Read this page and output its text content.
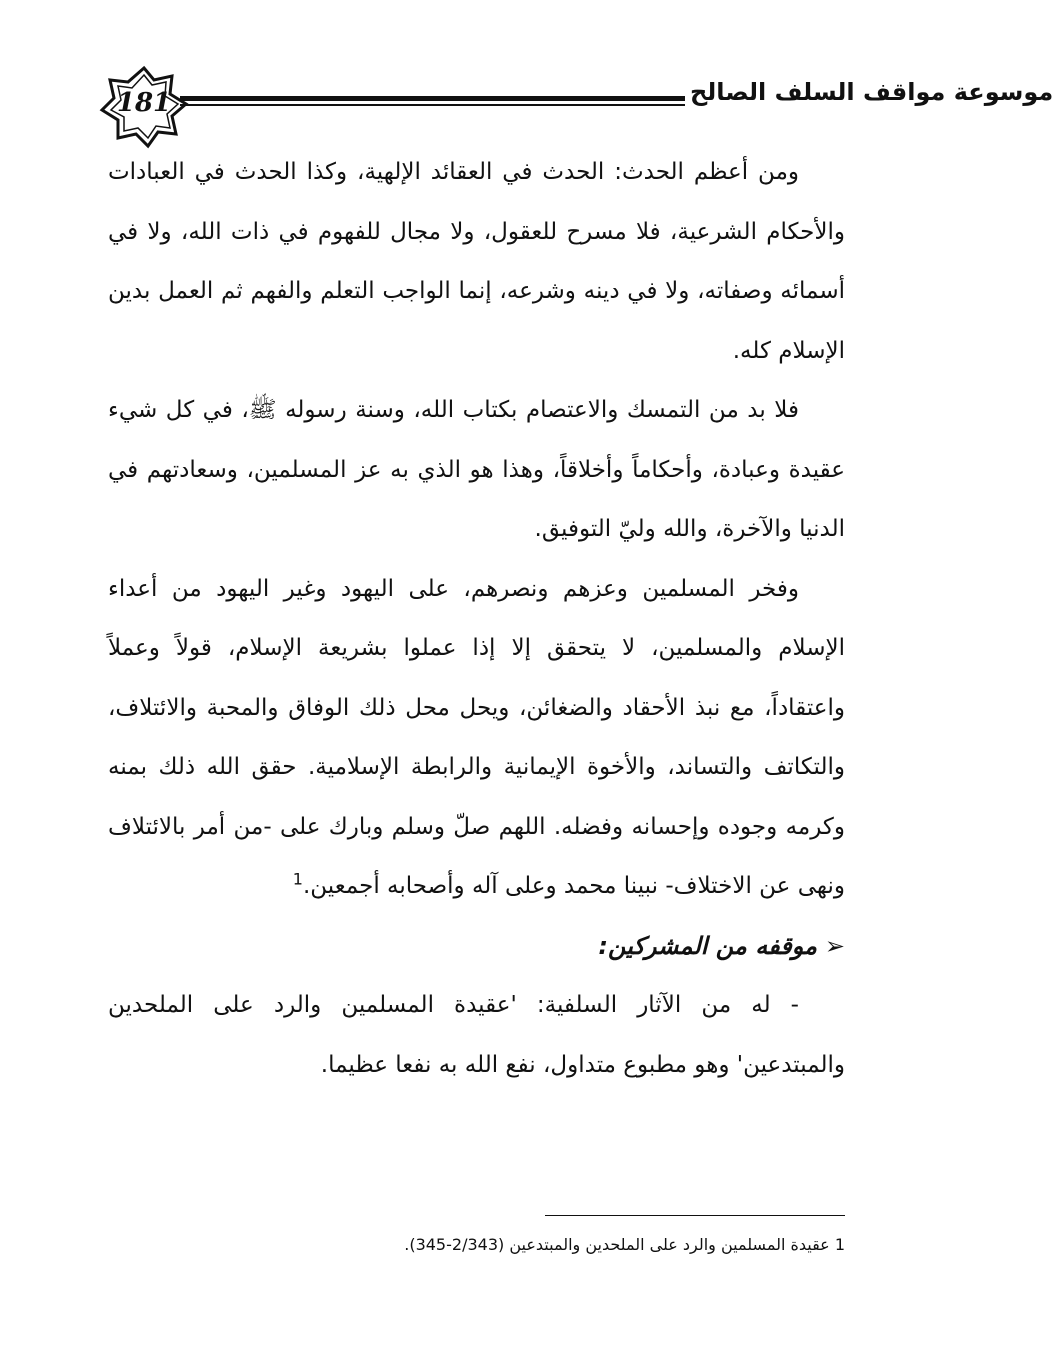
181	موسوعة مواقف السلف الصالح

ومن أعظم الحدث: الحدث في العقائد الإلهية، وكذا الحدث في العبادات والأحكام الشرعية، فلا مسرح للعقول، ولا مجال للفهوم في ذات الله، ولا في أسمائه وصفاته، ولا في دينه وشرعه، إنما الواجب التعلم والفهم ثم العمل بدين الإسلام كله.

فلا بد من التمسك والاعتصام بكتاب الله، وسنة رسوله ﷺ، في كل شيء عقيدة وعبادة، وأحكاماً وأخلاقاً، وهذا هو الذي به عز المسلمين، وسعادتهم في الدنيا والآخرة، والله وليّ التوفيق.

وفخر المسلمين وعزهم ونصرهم، على اليهود وغير اليهود من أعداء الإسلام والمسلمين، لا يتحقق إلا إذا عملوا بشريعة الإسلام، قولاً وعملاً واعتقاداً، مع نبذ الأحقاد والضغائن، ويحل محل ذلك الوفاق والمحبة والائتلاف، والتكاتف والتساند، والأخوة الإيمانية والرابطة الإسلامية. حقق الله ذلك بمنه وكرمه وجوده وإحسانه وفضله. اللهم صلّ وسلم وبارك على -من أمر بالائتلاف ونهى عن الاختلاف- نبينا محمد وعلى آله وأصحابه أجمعين.$^1$

➢
موقفه من المشركين:

- له من الآثار السلفية: 'عقيدة المسلمين والرد على الملحدين والمبتدعين' وهو مطبوع متداول، نفع الله به نفعا عظيما.

1 عقيدة المسلمين والرد على الملحدين والمبتدعين (2/343-345).
